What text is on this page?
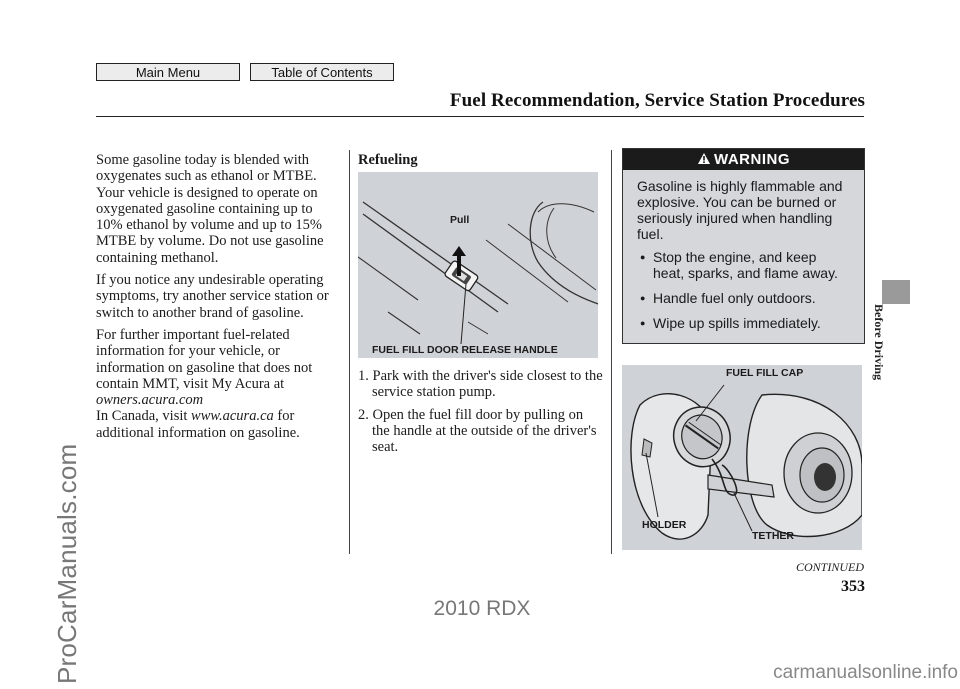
Main Menu	Table of Contents
Fuel Recommendation, Service Station Procedures

Some gasoline today is blended with oxygenates such as ethanol or MTBE. Your vehicle is designed to operate on oxygenated gasoline containing up to 10% ethanol by volume and up to 15% MTBE by volume. Do not use gasoline containing methanol.

If you notice any undesirable operating symptoms, try another service station or switch to another brand of gasoline.

For further important fuel-related information for your vehicle, or information on gasoline that does not contain MMT, visit My Acura at
owners.acura.com

In Canada, visit www.acura.ca for additional information on gasoline.

Refueling
Pull
FUEL FILL DOOR RELEASE HANDLE

1. Park with the driver's side closest to the service station pump.

2. Open the fuel fill door by pulling on the handle at the outside of the driver's seat.

WARNING

Gasoline is highly flammable and explosive. You can be burned or seriously injured when handling fuel.

● Stop the engine, and keep heat, sparks, and flame away.
● Handle fuel only outdoors.
● Wipe up spills immediately.
FUEL FILL CAP
HOLDER
TETHER
Before Driving
CONTINUED
353
2010 RDX
ProCarManuals.com	carmanualsonline.info
